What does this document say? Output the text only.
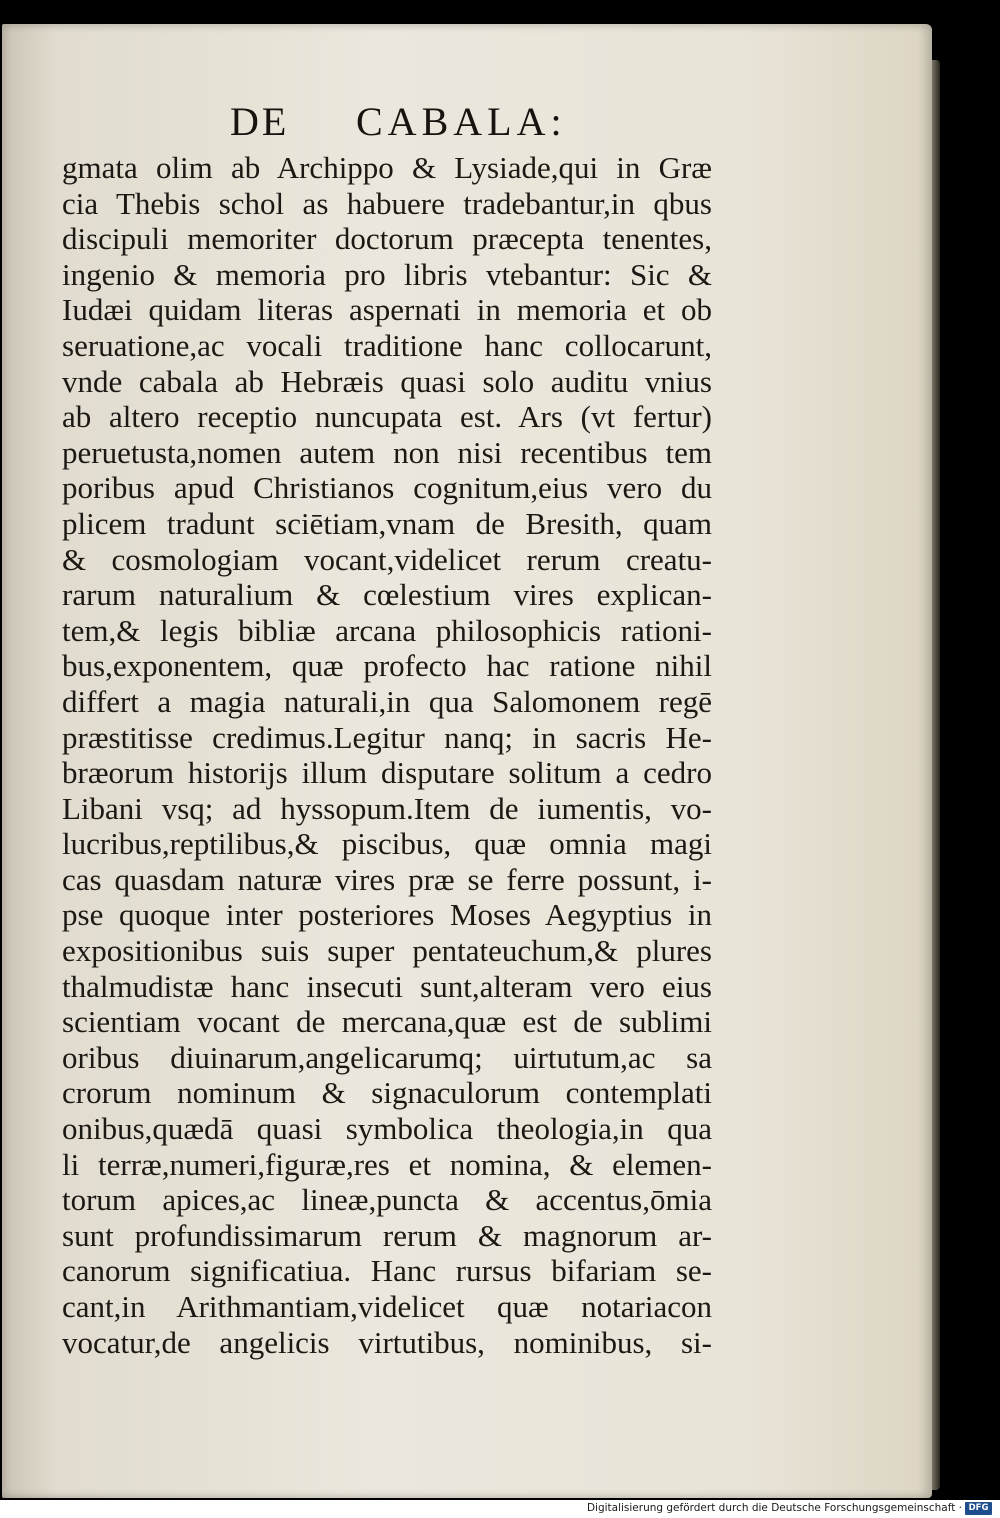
DE CABALA:
gmata olim ab Archippo & Lysiade,qui in Græ
cia Thebis schol as habuere tradebantur,in qbus
discipuli memoriter doctorum præcepta tenentes,
ingenio & memoria pro libris vtebantur: Sic &
Iudæi quidam literas aspernati in memoria et ob
seruatione,ac vocali traditione hanc collocarunt,
vnde cabala ab Hebræis quasi solo auditu vnius
ab altero receptio nuncupata est. Ars (vt fertur)
peruetusta,nomen autem non nisi recentibus tem
poribus apud Christianos cognitum,eius vero du
plicem tradunt sciētiam,vnam de Bresith, quam
& cosmologiam vocant,videlicet rerum creatu-
rarum naturalium & cœlestium vires explican-
tem,& legis bibliæ arcana philosophicis rationi-
bus,exponentem, quæ profecto hac ratione nihil
differt a magia naturali,in qua Salomonem regē
præstitisse credimus.Legitur nanq; in sacris He-
bræorum historijs illum disputare solitum a cedro
Libani vsq; ad hyssopum.Item de iumentis, vo-
lucribus,reptilibus,& piscibus, quæ omnia magi
cas quasdam naturæ vires præ se ferre possunt, i-
pse quoque inter posteriores Moses Aegyptius in
expositionibus suis super pentateuchum,& plures
thalmudistæ hanc insecuti sunt,alteram vero eius
scientiam vocant de mercana,quæ est de sublimi
oribus diuinarum,angelicarumq; uirtutum,ac sa
crorum nominum & signaculorum contemplati
onibus,quædā quasi symbolica theologia,in qua
li terræ,numeri,figuræ,res et nomina, & elemen-
torum apices,ac lineæ,puncta & accentus,ōmia
sunt profundissimarum rerum & magnorum ar-
canorum significatiua. Hanc rursus bifariam se-
cant,in Arithmantiam,videlicet quæ notariacon
vocatur,de angelicis virtutibus, nominibus, si-
Digitalisierung gefördert durch die Deutsche Forschungsgemeinschaft · DFG
